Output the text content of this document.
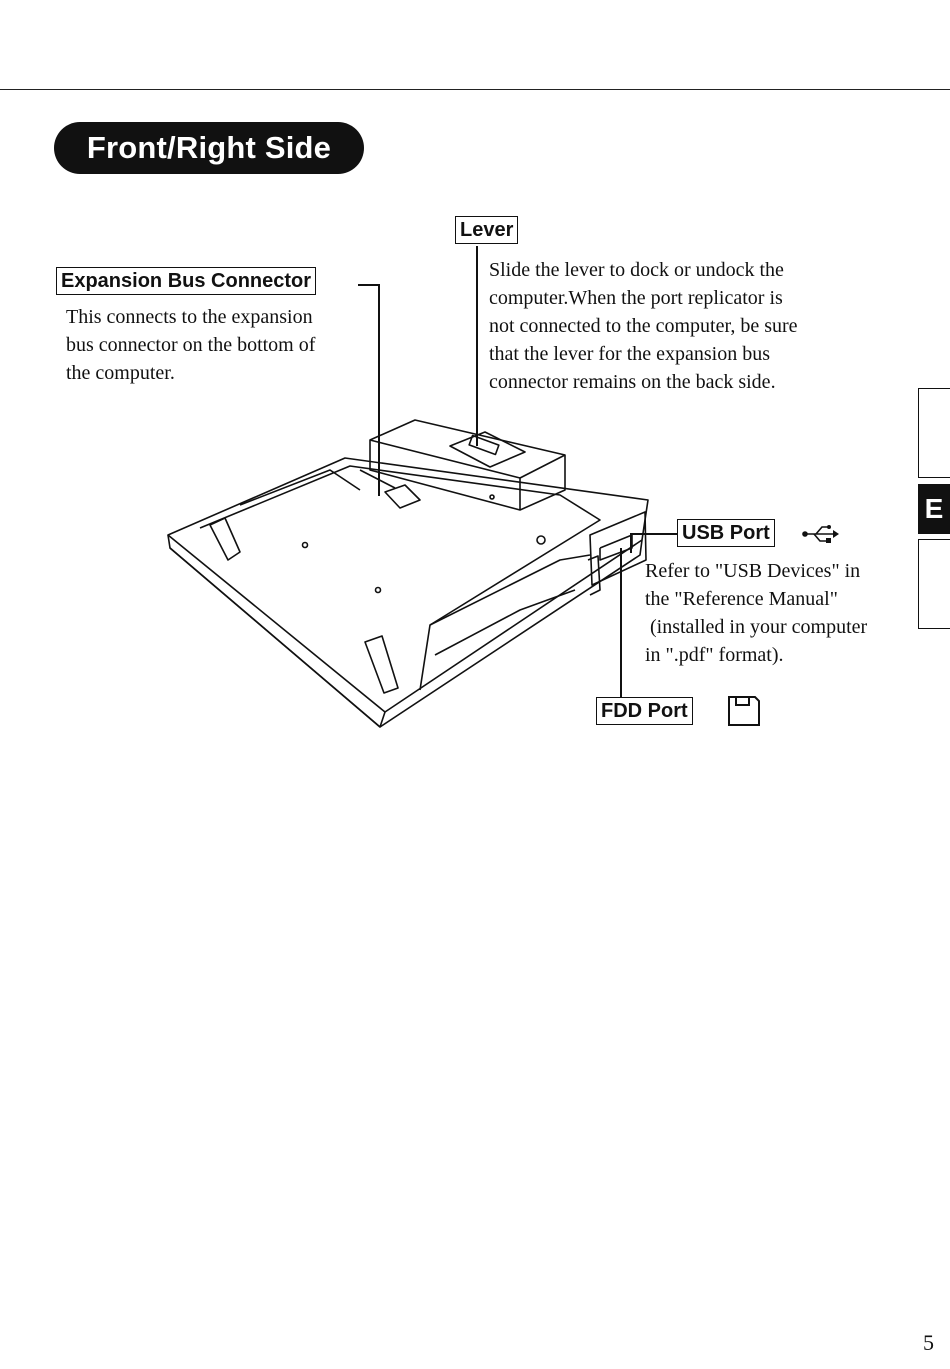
Front/Right Side
Expansion Bus Connector
This connects to the expansion
bus connector on the bottom of
the computer.
Lever
Slide the lever to dock or undock the
computer.When the port replicator is
not connected to the computer, be sure
that the lever for the expansion bus
connector remains on the back side.
USB Port
Refer to "USB Devices" in
the "Reference Manual"
(installed in your computer
in ".pdf" format).
FDD Port
E
5
